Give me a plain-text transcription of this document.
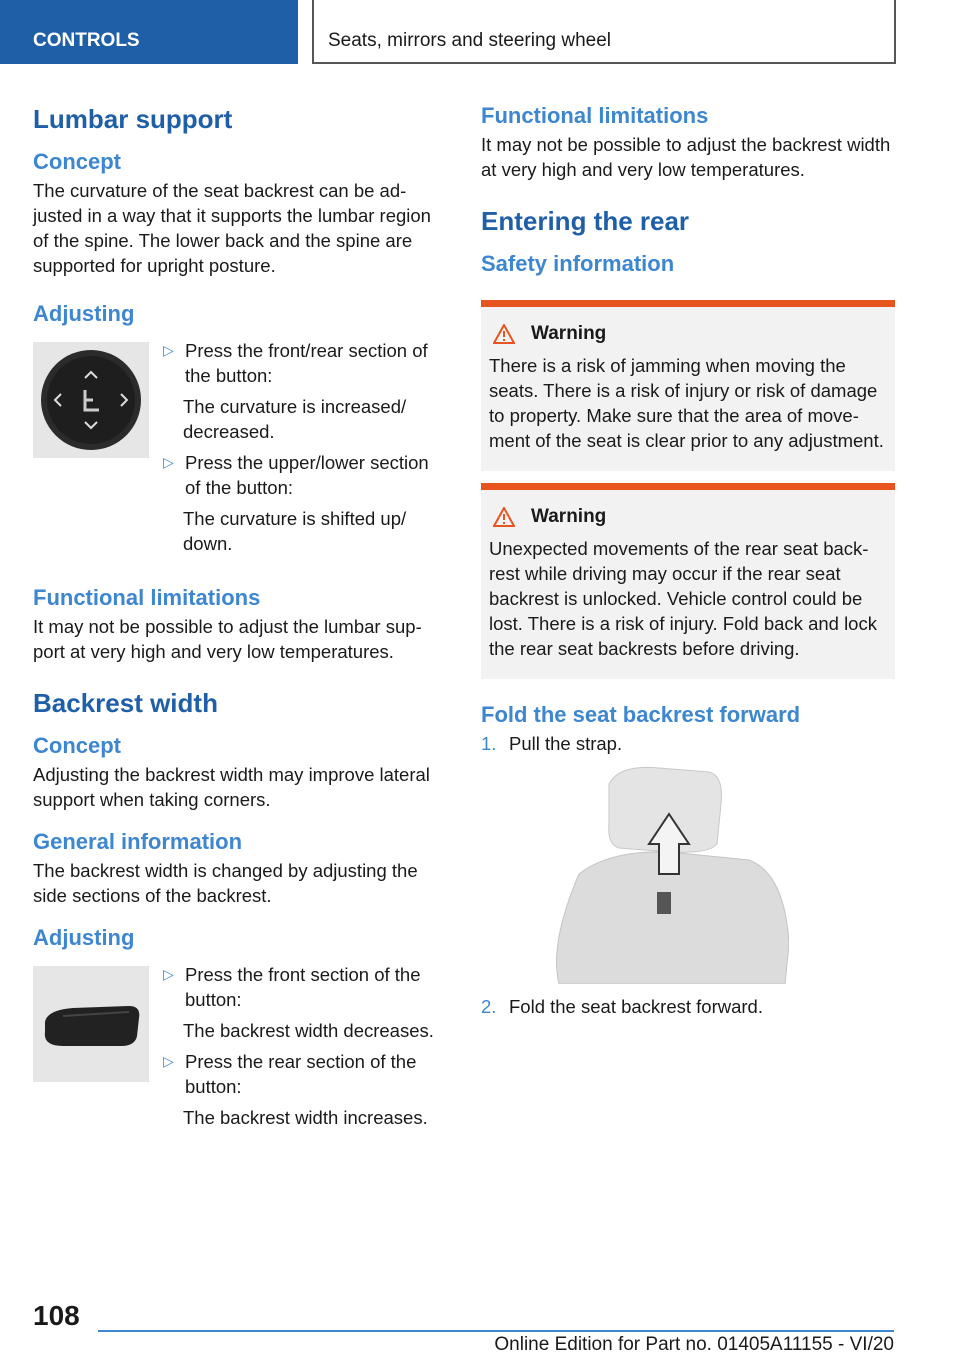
CONTROLS	Seats, mirrors and steering wheel
Lumbar support
Concept

The curvature of the seat backrest can be adjusted in a way that it supports the lumbar region of the spine. The lower back and the spine are supported for upright posture.

Adjusting
▷ Press the front/rear section of the button:
The curvature is increased/ decreased.
▷ Press the upper/lower section of the button:
The curvature is shifted up/ down.
Functional limitations

It may not be possible to adjust the lumbar support at very high and very low temperatures.

Backrest width
Concept

Adjusting the backrest width may improve lateral support when taking corners.

General information

The backrest width is changed by adjusting the side sections of the backrest.

Adjusting
▷ Press the front section of the button:
The backrest width decreases.
▷ Press the rear section of the button:
The backrest width increases.
Functional limitations

It may not be possible to adjust the backrest width at very high and very low temperatures.

Entering the rear
Safety information
Warning

There is a risk of jamming when moving the seats. There is a risk of injury or risk of damage to property. Make sure that the area of movement of the seat is clear prior to any adjustment.

Warning

Unexpected movements of the rear seat backrest while driving may occur if the rear seat backrest is unlocked. Vehicle control could be lost. There is a risk of injury. Fold back and lock the rear seat backrests before driving.

Fold the seat backrest forward
1. Pull the strap.
2. Fold the seat backrest forward.
108
Online Edition for Part no. 01405A11155 - VI/20
